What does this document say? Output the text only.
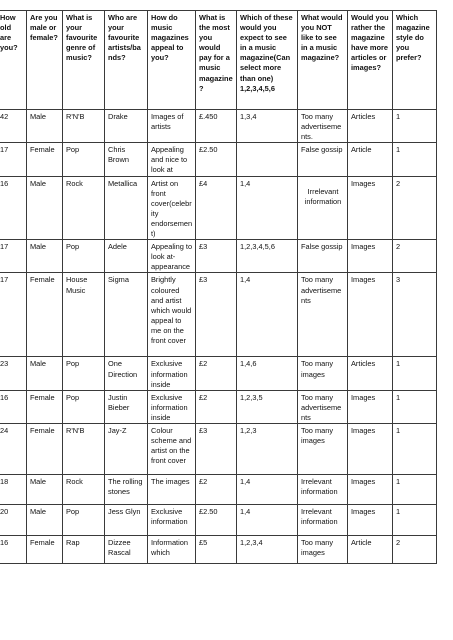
How old are you?	Are you male or female?	What is your favourite genre of music?	Who are your favourite artists/bands?	How do music magazines appeal to you?	What is the most you would pay for a music magazine ?	Which of these would you expect to see in a music magazine(Can select more than one) 1,2,3,4,5,6	What would you NOT like to see in a music magazine?	Would you rather the magazine have more articles or images?	Which magazine style do you prefer?
42	Male	R'N'B	Drake	Images of artists	£.450	1,3,4	Too many advertisements.	Articles	1
17	Female	Pop	Chris Brown	Appealing and nice to look at	£2.50		False gossip	Article	1
16	Male	Rock	Metallica	Artist on front cover(celebrity endorsement)	£4	1,4	Irrelevant information	Images	2
17	Male	Pop	Adele	Appealing to look at-appearance	£3	1,2,3,4,5,6	False gossip	Images	2
17	Female	House Music	Sigma	Brightly coloured and artist which would appeal to me on the front cover	£3	1,4	Too many advertisements	Images	3
23	Male	Pop	One Direction	Exclusive information inside	£2	1,4,6	Too many images	Articles	1
16	Female	Pop	Justin Bieber	Exclusive information inside	£2	1,2,3,5	Too many advertisements	Images	1
24	Female	R'N'B	Jay-Z	Colour scheme and artist on the front cover	£3	1,2,3	Too many images	Images	1
18	Male	Rock	The rolling stones	The images	£2	1,4	Irrelevant information	Images	1
20	Male	Pop	Jess Glyn	Exclusive information	£2.50	1,4	Irrelevant information	Images	1
16	Female	Rap	Dizzee Rascal	Information which	£5	1,2,3,4	Too many images	Article	2
